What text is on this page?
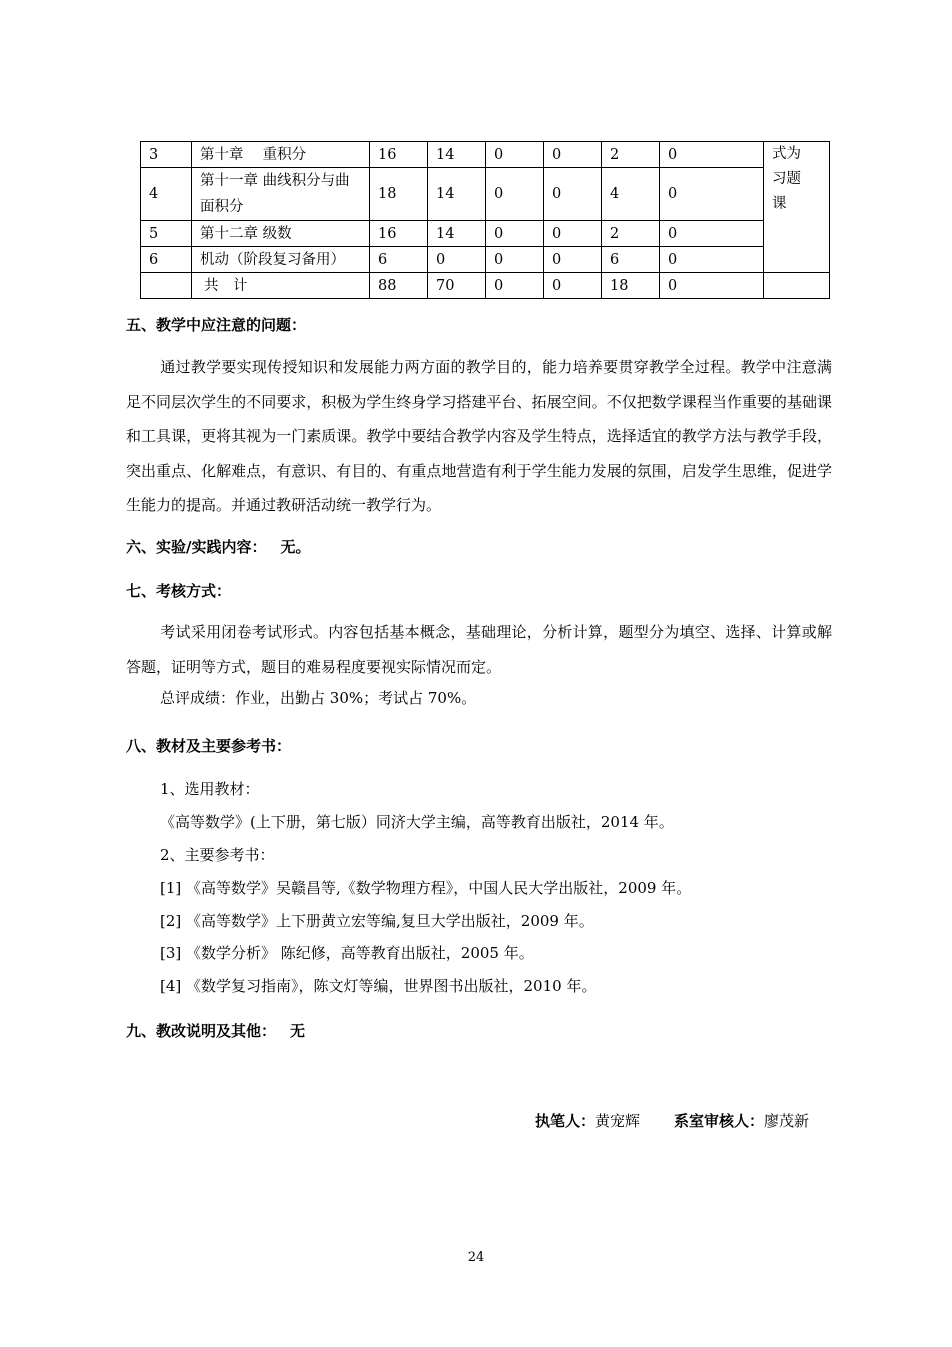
3	第十章　 重积分	16	14	0	0	2	0	式为
习题
课

4	第十一章 曲线积分与曲面积分	18	14	0	0	4	0	
5	第十二章 级数	16	14	0	0	2	0	
6	机动（阶段复习备用）	6	0	0	0	6	0	
	共　计	88	70	0	0	18	0	
五、教学中应注意的问题：

通过教学要实现传授知识和发展能力两方面的教学目的，能力培养要贯穿教学全过程。教学中注意满足不同层次学生的不同要求，积极为学生终身学习搭建平台、拓展空间。不仅把数学课程当作重要的基础课和工具课，更将其视为一门素质课。教学中要结合教学内容及学生特点，选择适宜的教学方法与教学手段，突出重点、化解难点，有意识、有目的、有重点地营造有利于学生能力发展的氛围，启发学生思维，促进学生能力的提高。并通过教研活动统一教学行为。

六、实验/实践内容： 无。
七、考核方式：

考试采用闭卷考试形式。内容包括基本概念，基础理论，分析计算，题型分为填空、选择、计算或解答题，证明等方式，题目的难易程度要视实际情况而定。

总评成绩：作业，出勤占 30%；考试占 70%。
八、教材及主要参考书：
1、选用教材：
《高等数学》(上下册，第七版）同济大学主编，高等教育出版社，2014 年。
2、主要参考书：
[1] 《高等数学》吴赣昌等,《数学物理方程》，中国人民大学出版社，2009 年。
[2] 《高等数学》上下册黄立宏等编,复旦大学出版社，2009 年。
[3] 《数学分析》 陈纪修，高等教育出版社，2005 年。
[4] 《数学复习指南》，陈文灯等编，世界图书出版社，2010 年。
九、教改说明及其他： 无
执笔人：黄宠辉 系室审核人：廖茂新
24
